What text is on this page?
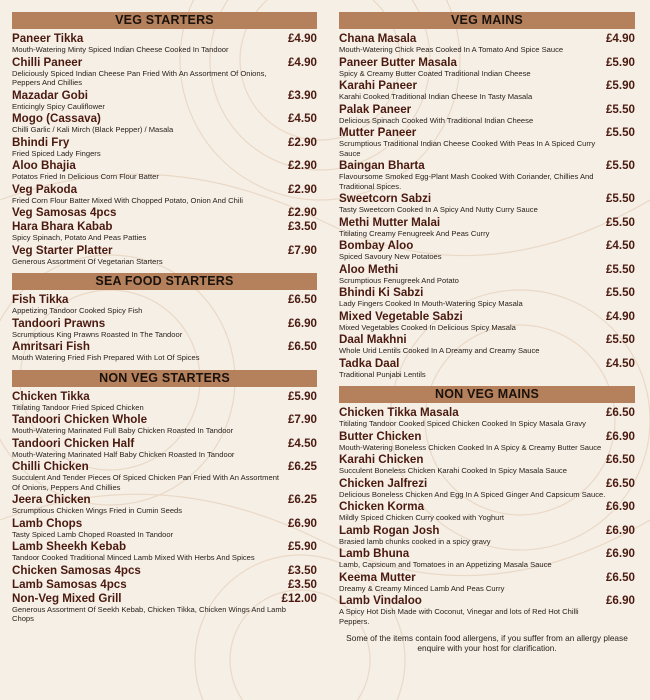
VEG STARTERS
Paneer Tikka	£4.90
Mouth-Watering Minty Spiced Indian Cheese Cooked In Tandoor
Chilli Paneer	£4.90
Deliciously Spiced Indian Cheese Pan Fried With An Assortment Of Onions, Peppers And Chillies
Mazadar Gobi	£3.90
Enticingly Spicy Cauliflower
Mogo (Cassava)	£4.50
Chilli Garlic / Kali Mirch (Black Pepper) / Masala
Bhindi Fry	£2.90
Fried Spiced Lady Fingers
Aloo Bhajia	£2.90
Potatos Fried In Delicious Corn Flour Batter
Veg Pakoda	£2.90
Fried Corn Flour Batter Mixed With Chopped Potato, Onion And Chili
Veg Samosas 4pcs	£2.90
Hara Bhara Kabab	£3.50
Spicy Spinach, Potato And Peas Patties
Veg Starter Platter	£7.90
Generous Assortment Of Vegetarian Starters
SEA FOOD STARTERS
Fish Tikka	£6.50
Appetizing Tandoor Cooked Spicy Fish
Tandoori Prawns	£6.90
Scrumptious King Prawns Roasted In The Tandoor
Amritsari Fish	£6.50
Mouth Watering Fried Fish Prepared With Lot Of Spices
NON VEG STARTERS
Chicken Tikka	£5.90
Titilating Tandoor Fried Spiced Chicken
Tandoori Chicken Whole	£7.90
Mouth-Watering Marinated Full Baby Chicken Roasted In Tandoor
Tandoori Chicken Half	£4.50
Mouth-Watering Marinated Half Baby Chicken Roasted In Tandoor
Chilli Chicken	£6.25
Succulent And Tender Pieces Of Spiced Chicken Pan Fried With An Assortment Of Onions, Peppers And Chillies
Jeera Chicken	£6.25
Scrumptious Chicken Wings Fried in Cumin Seeds
Lamb Chops	£6.90
Tasty Spiced Lamb Choped Roasted In Tandoor
Lamb Sheekh Kebab	£5.90
Tandoor Cooked Traditional Minced Lamb Mixed With Herbs And Spices
Chicken Samosas 4pcs	£3.50
Lamb Samosas 4pcs	£3.50
Non-Veg Mixed Grill	£12.00
Generous Assortment Of Seekh Kebab, Chicken Tikka, Chicken Wings And Lamb Chops
VEG MAINS
Chana Masala	£4.90
Mouth-Watering Chick Peas Cooked In A Tomato And Spice Sauce
Paneer Butter Masala	£5.90
Spicy & Creamy Butter Coated Traditional Indian Cheese
Karahi Paneer	£5.90
Karahi Cooked Traditional Indian Cheese In Tasty Masala
Palak Paneer	£5.50
Delicious Spinach Cooked With Traditional Indian Cheese
Mutter Paneer	£5.50
Scrumptious Traditional Indian Cheese Cooked With Peas In A Spiced Curry Sauce
Baingan Bharta	£5.50
Flavoursome Smoked Egg-Plant Mash Cooked With Coriander, Chillies And Traditional Spices.
Sweetcorn Sabzi	£5.50
Tasty Sweetcorn Cooked In A Spicy And Nutty Curry Sauce
Methi Mutter Malai	£5.50
Titilating Creamy Fenugreek And Peas Curry
Bombay Aloo	£4.50
Spiced Savoury New Potatoes
Aloo Methi	£5.50
Scrumptious Fenugreek And Potato
Bhindi Ki Sabzi	£5.50
Lady Fingers Cooked In Mouth-Watering Spicy Masala
Mixed Vegetable Sabzi	£4.90
Mixed Vegetables Cooked In Delicious Spicy Masala
Daal Makhni	£5.50
Whole Urid Lentils Cooked In A Dreamy and Creamy Sauce
Tadka Daal	£4.50
Traditional Punjabi Lentils
NON VEG MAINS
Chicken Tikka Masala	£6.50
Titilating Tandoor Cooked Spiced Chicken Cooked In Spicy Masala Gravy
Butter Chicken	£6.90
Mouth-Watering Boneless Chicken Cooked In A Spicy & Creamy Butter Sauce
Karahi Chicken	£6.50
Succulent Boneless Chicken Karahi Cooked In Spicy Masala Sauce
Chicken Jalfrezi	£6.50
Delicious Boneless Chicken And Egg In A Spiced Ginger And Capsicum Sauce.
Chicken Korma	£6.90
Mildly Spiced Chicken Curry cooked with Yoghurt
Lamb Rogan Josh	£6.90
Brasied lamb chunks cooked in a spicy gravy
Lamb Bhuna	£6.90
Lamb, Capsicum and Tomatoes in an Appetizing Masala Sauce
Keema Mutter	£6.50
Dreamy & Creamy Minced Lamb And Peas Curry
Lamb Vindaloo	£6.90
A Spicy Hot Dish Made with Coconut, Vinegar and lots of Red Hot Chilli Peppers.
Some of the items contain food allergens, if you suffer from an allergy please enquire with your host for clarification.
